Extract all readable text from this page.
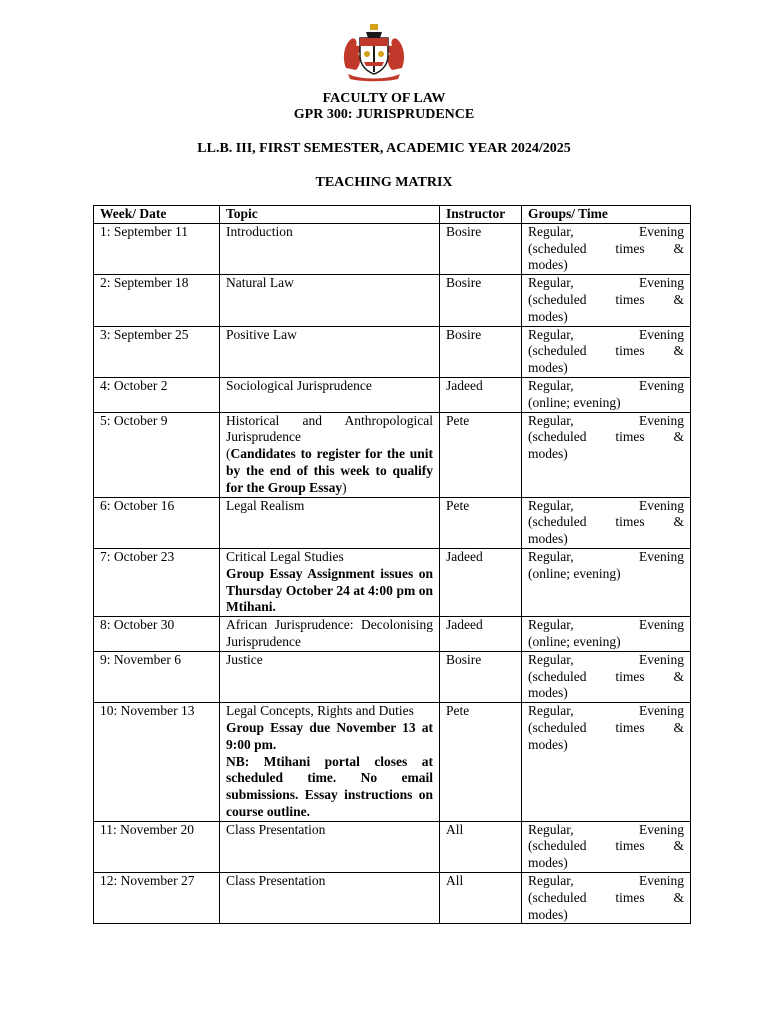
FACULTY OF LAW
GPR 300: JURISPRUDENCE
LL.B. III, FIRST SEMESTER, ACADEMIC YEAR 2024/2025
TEACHING MATRIX
Week/ Date	Topic	Instructor	Groups/ Time
1: September 11	Introduction	Bosire	Regular, Evening
(scheduled times &
modes)
2: September 18	Natural Law	Bosire	Regular, Evening
(scheduled times &
modes)
3: September 25	Positive Law	Bosire	Regular, Evening
(scheduled times &
modes)
4: October 2	Sociological Jurisprudence	Jadeed	Regular, Evening
(online; evening)
5: October 9	Historical and Anthropological Jurisprudence
(Candidates to register for the unit by the end of this week to qualify for the Group Essay)	Pete	Regular, Evening
(scheduled times &
modes)
6: October 16	Legal Realism	Pete	Regular, Evening
(scheduled times &
modes)
7: October 23	Critical Legal Studies
Group Essay Assignment issues on Thursday October 24 at 4:00 pm on Mtihani.	Jadeed	Regular, Evening
(online; evening)
8: October 30	African Jurisprudence: Decolonising Jurisprudence	Jadeed	Regular, Evening
(online; evening)
9: November 6	Justice	Bosire	Regular, Evening
(scheduled times &
modes)
10: November 13	Legal Concepts, Rights and Duties
Group Essay due November 13 at 9:00 pm.
NB: Mtihani portal closes at scheduled time. No email submissions. Essay instructions on course outline.	Pete	Regular, Evening
(scheduled times &
modes)
11: November 20	Class Presentation	All	Regular, Evening
(scheduled times &
modes)
12: November 27	Class Presentation	All	Regular, Evening
(scheduled times &
modes)
